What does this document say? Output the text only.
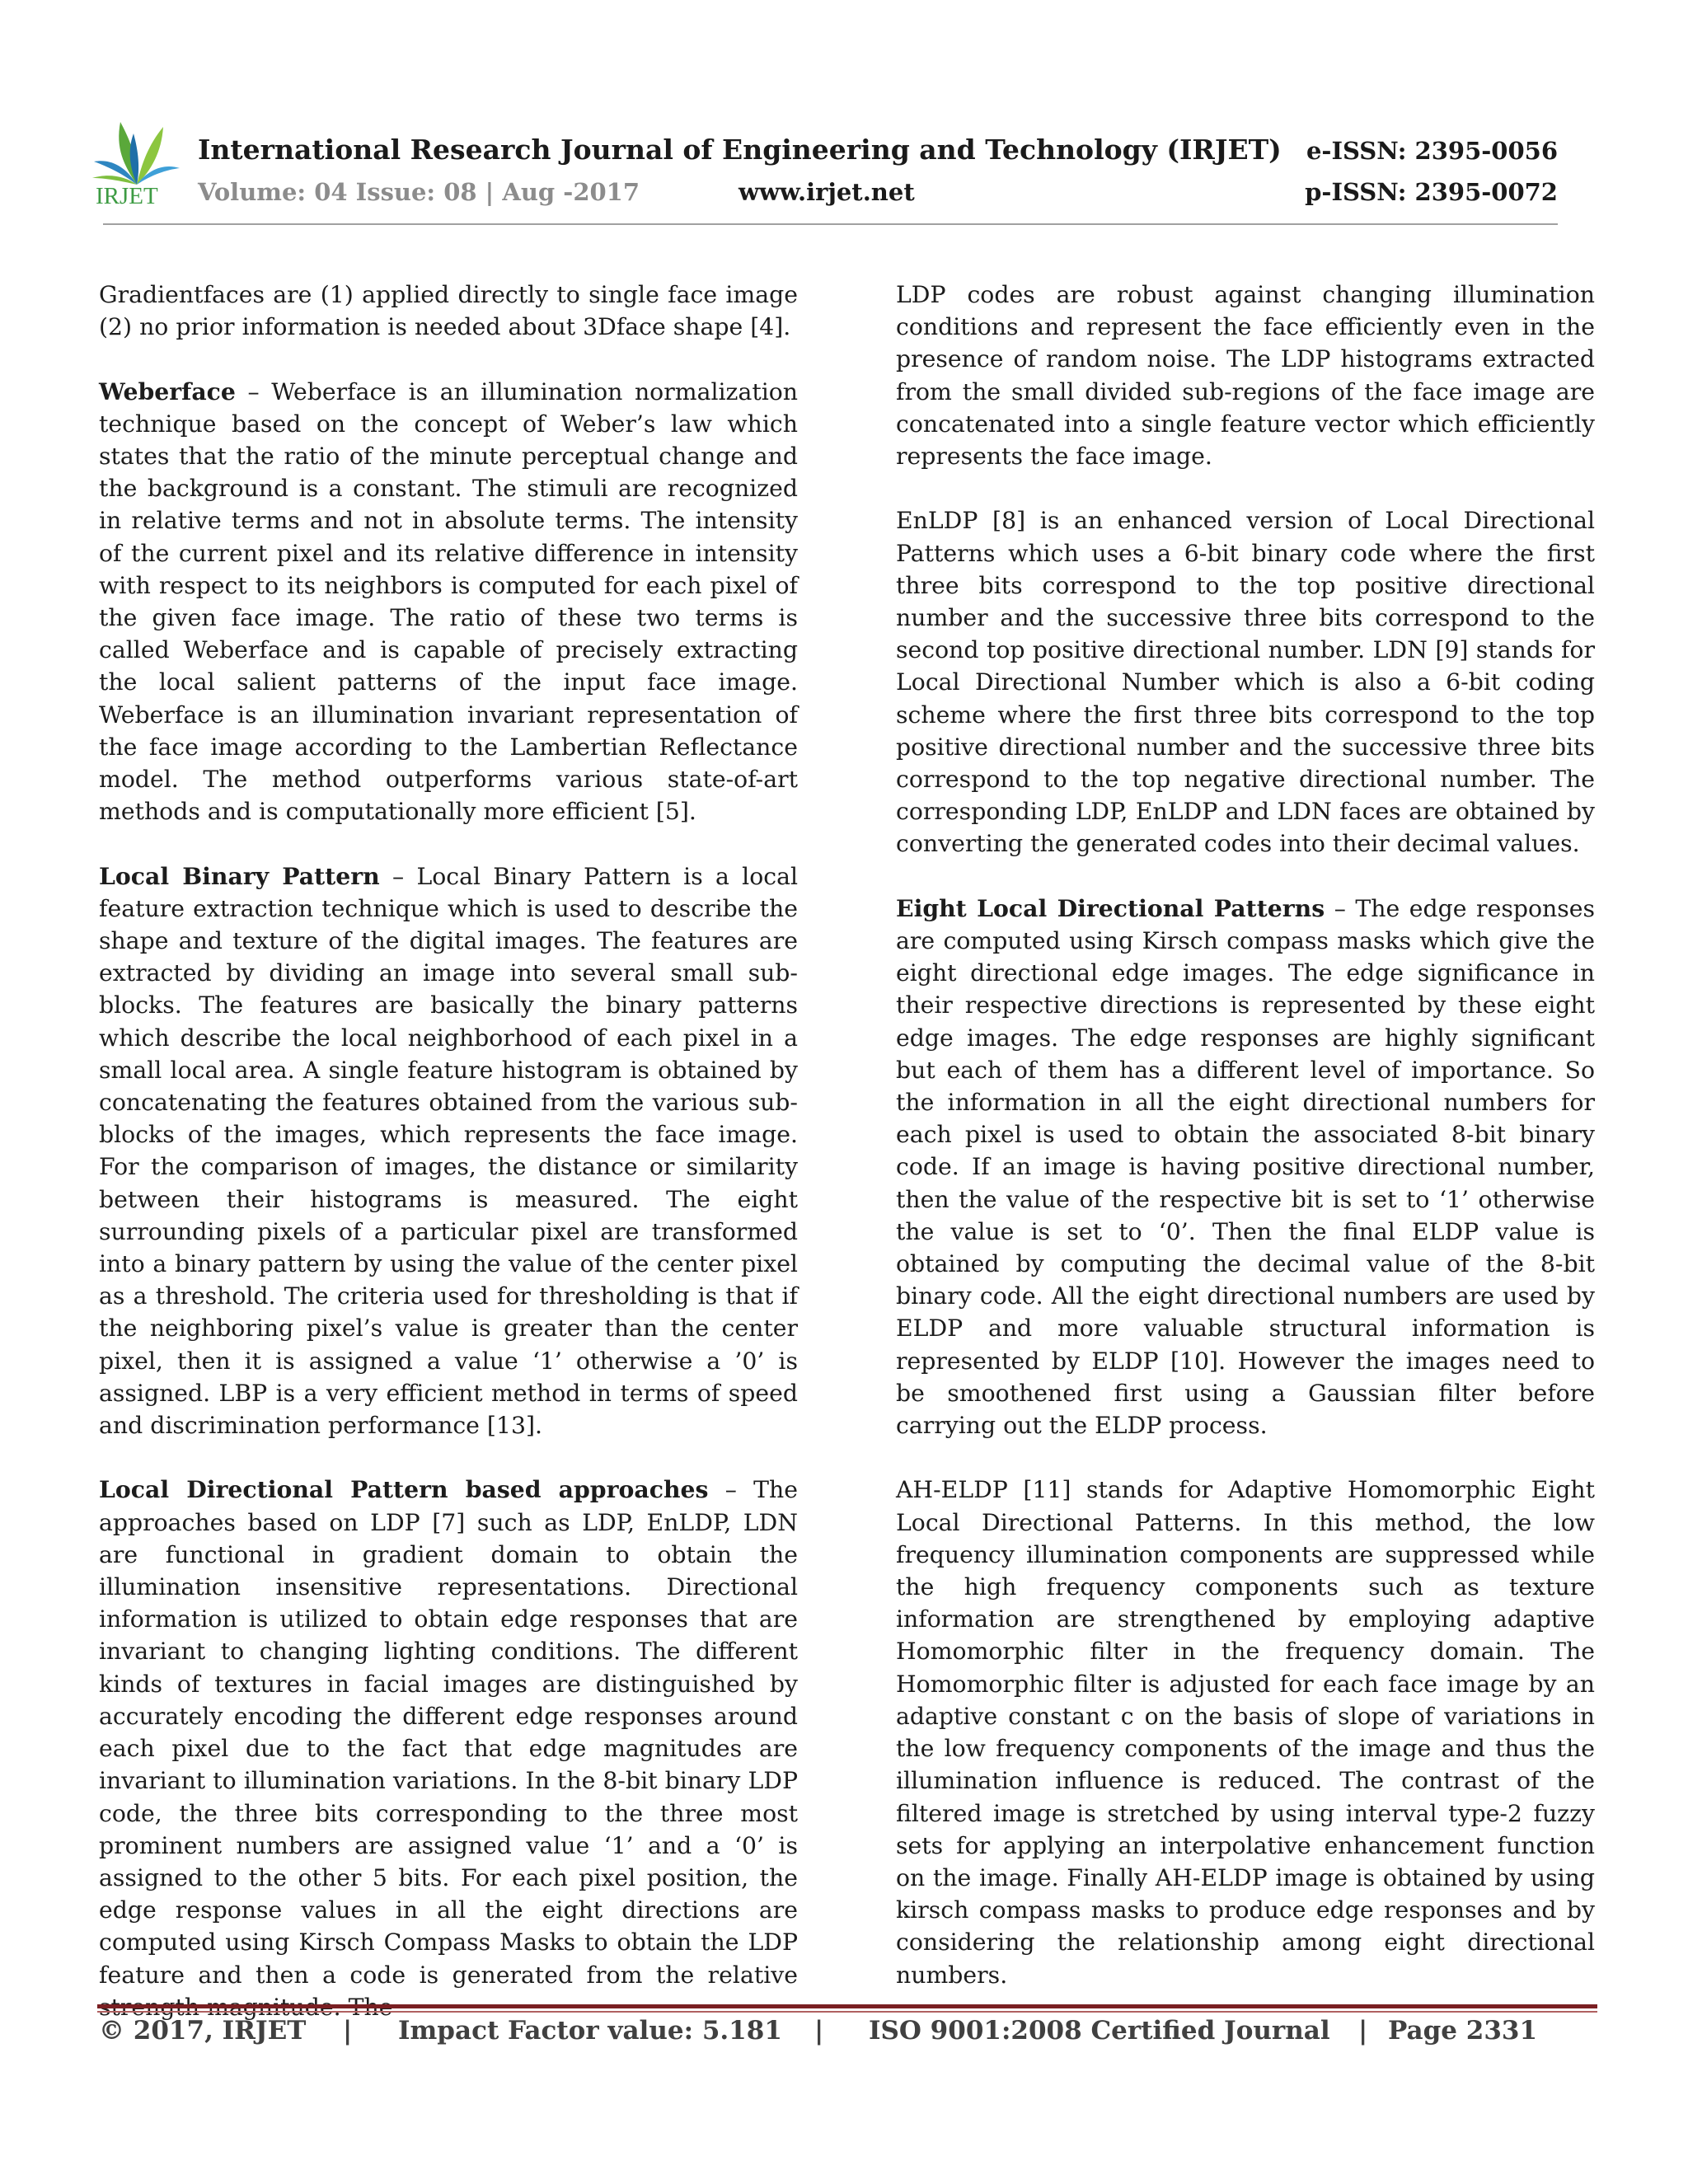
IRJET
International Research Journal of Engineering and Technology (IRJET) e-ISSN: 2395-0056
Volume: 04 Issue: 08 | Aug -2017	www.irjet.net	p-ISSN: 2395-0072

Gradientfaces are (1) applied directly to single face image (2) no prior information is needed about 3Dface shape [4].

Weberface – Weberface is an illumination normalization technique based on the concept of Weber’s law which states that the ratio of the minute perceptual change and the background is a constant. The stimuli are recognized in relative terms and not in absolute terms. The intensity of the current pixel and its relative difference in intensity with respect to its neighbors is computed for each pixel of the given face image. The ratio of these two terms is called Weberface and is capable of precisely extracting the local salient patterns of the input face image. Weberface is an illumination invariant representation of the face image according to the Lambertian Reflectance model. The method outperforms various state-of-art methods and is computationally more efficient [5].

Local Binary Pattern – Local Binary Pattern is a local feature extraction technique which is used to describe the shape and texture of the digital images. The features are extracted by dividing an image into several small sub-blocks. The features are basically the binary patterns which describe the local neighborhood of each pixel in a small local area. A single feature histogram is obtained by concatenating the features obtained from the various sub-blocks of the images, which represents the face image. For the comparison of images, the distance or similarity between their histograms is measured. The eight surrounding pixels of a particular pixel are transformed into a binary pattern by using the value of the center pixel as a threshold. The criteria used for thresholding is that if the neighboring pixel’s value is greater than the center pixel, then it is assigned a value ‘1’ otherwise a ’0’ is assigned. LBP is a very efficient method in terms of speed and discrimination performance [13].

Local Directional Pattern based approaches – The approaches based on LDP [7] such as LDP, EnLDP, LDN are functional in gradient domain to obtain the illumination insensitive representations. Directional information is utilized to obtain edge responses that are invariant to changing lighting conditions. The different kinds of textures in facial images are distinguished by accurately encoding the different edge responses around each pixel due to the fact that edge magnitudes are invariant to illumination variations. In the 8-bit binary LDP code, the three bits corresponding to the three most prominent numbers are assigned value ‘1’ and a ‘0’ is assigned to the other 5 bits. For each pixel position, the edge response values in all the eight directions are computed using Kirsch Compass Masks to obtain the LDP feature and then a code is generated from the relative

LDP codes are robust against changing illumination conditions and represent the face efficiently even in the presence of random noise. The LDP histograms extracted from the small divided sub-regions of the face image are concatenated into a single feature vector which efficiently represents the face image.

EnLDP [8] is an enhanced version of Local Directional Patterns which uses a 6-bit binary code where the first three bits correspond to the top positive directional number and the successive three bits correspond to the second top positive directional number. LDN [9] stands for Local Directional Number which is also a 6-bit coding scheme where the first three bits correspond to the top positive directional number and the successive three bits correspond to the top negative directional number. The corresponding LDP, EnLDP and LDN faces are obtained by converting the generated codes into their decimal values.

Eight Local Directional Patterns – The edge responses are computed using Kirsch compass masks which give the eight directional edge images. The edge significance in their respective directions is represented by these eight edge images. The edge responses are highly significant but each of them has a different level of importance. So the information in all the eight directional numbers for each pixel is used to obtain the associated 8-bit binary code. If an image is having positive directional number, then the value of the respective bit is set to ‘1’ otherwise the value is set to ‘0’. Then the final ELDP value is obtained by computing the decimal value of the 8-bit binary code. All the eight directional numbers are used by ELDP and more valuable structural information is represented by ELDP [10]. However the images need to be smoothened first using a Gaussian filter before carrying out the ELDP process.

AH-ELDP [11] stands for Adaptive Homomorphic Eight Local Directional Patterns. In this method, the low frequency illumination components are suppressed while the high frequency components such as texture information are strengthened by employing adaptive Homomorphic filter in the frequency domain. The Homomorphic filter is adjusted for each face image by an adaptive constant c on the basis of slope of variations in the low frequency components of the image and thus the illumination influence is reduced. The contrast of the filtered image is stretched by using interval type-2 fuzzy sets for applying an interpolative enhancement function on the image. Finally AH-ELDP image is obtained by using kirsch compass masks to produce edge responses and by considering the relationship among eight directional numbers.

© 2017, IRJET | Impact Factor value: 5.181 | ISO 9001:2008 Certified Journal | Page 2331
